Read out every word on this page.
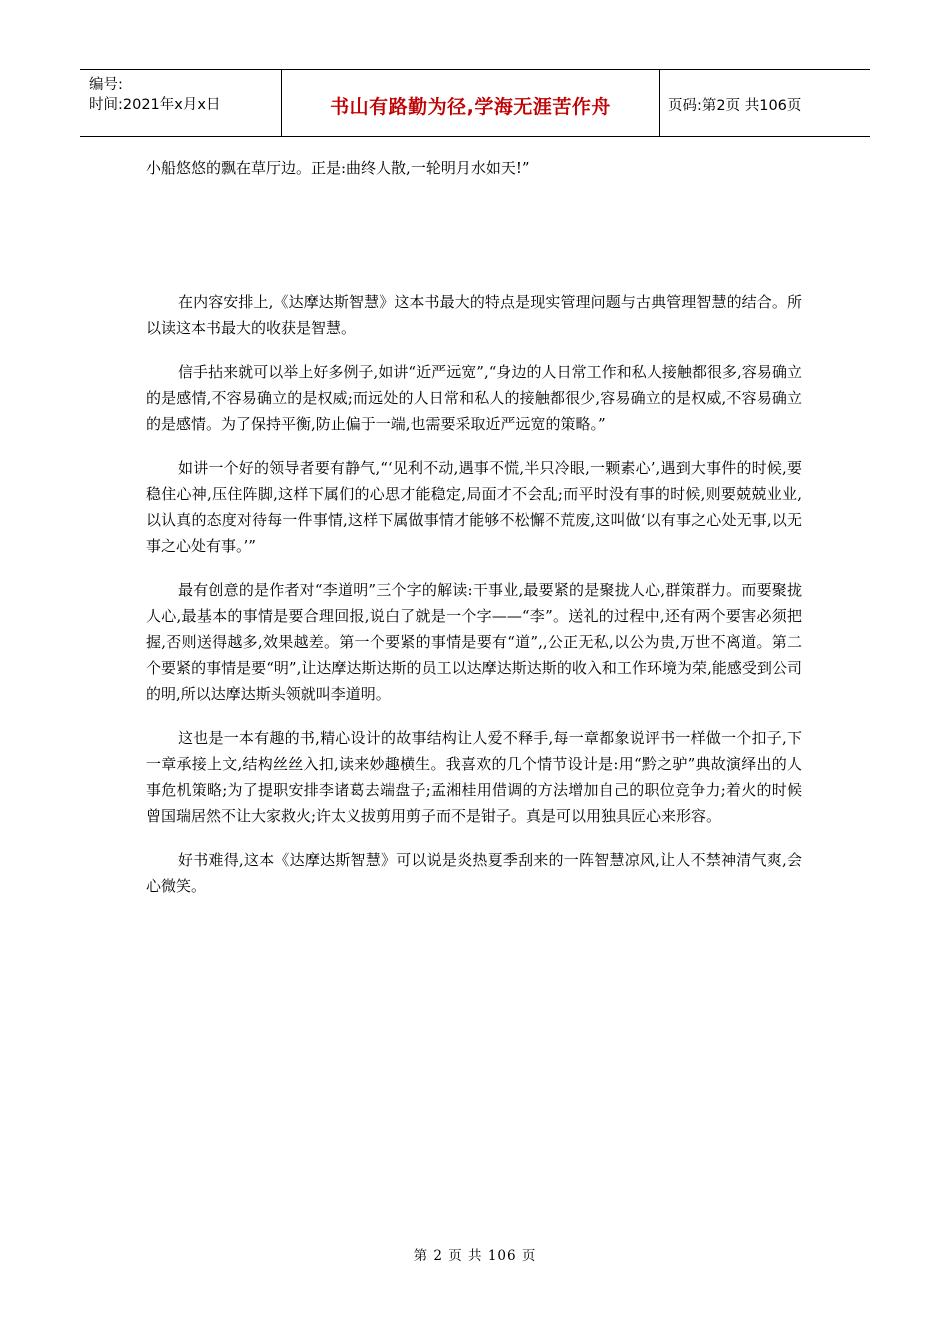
编号:
时间:2021年x月x日	书山有路勤为径,学海无涯苦作舟	页码:第2页 共106页

小船悠悠的飘在草厅边。正是:曲终人散,一轮明月水如天!”

在内容安排上,《达摩达斯智慧》这本书最大的特点是现实管理问题与古典管理智慧的结合。所以读这本书最大的收获是智慧。

信手拈来就可以举上好多例子,如讲“近严远宽”,“身边的人日常工作和私人接触都很多,容易确立的是感情,不容易确立的是权威;而远处的人日常和私人的接触都很少,容易确立的是权威,不容易确立的是感情。为了保持平衡,防止偏于一端,也需要采取近严远宽的策略。”

如讲一个好的领导者要有静气,“‘见利不动,遇事不慌,半只冷眼,一颗素心’,遇到大事件的时候,要稳住心神,压住阵脚,这样下属们的心思才能稳定,局面才不会乱;而平时没有事的时候,则要兢兢业业,以认真的态度对待每一件事情,这样下属做事情才能够不松懈不荒废,这叫做‘以有事之心处无事,以无事之心处有事。’”

最有创意的是作者对“李道明”三个字的解读:干事业,最要紧的是聚拢人心,群策群力。而要聚拢人心,最基本的事情是要合理回报,说白了就是一个字——“李”。送礼的过程中,还有两个要害必须把握,否则送得越多,效果越差。第一个要紧的事情是要有“道”,,公正无私,以公为贵,万世不离道。第二个要紧的事情是要“明”,让达摩达斯达斯的员工以达摩达斯达斯的收入和工作环境为荣,能感受到公司的明,所以达摩达斯头领就叫李道明。

这也是一本有趣的书,精心设计的故事结构让人爱不释手,每一章都象说评书一样做一个扣子,下一章承接上文,结构丝丝入扣,读来妙趣横生。我喜欢的几个情节设计是:用“黔之驴”典故演绎出的人事危机策略;为了提职安排李诸葛去端盘子;孟湘桂用借调的方法增加自己的职位竞争力;着火的时候曾国瑞居然不让大家救火;许太义拔剪用剪子而不是钳子。真是可以用独具匠心来形容。

好书难得,这本《达摩达斯智慧》可以说是炎热夏季刮来的一阵智慧凉风,让人不禁神清气爽,会心微笑。

第 2 页 共 106 页
